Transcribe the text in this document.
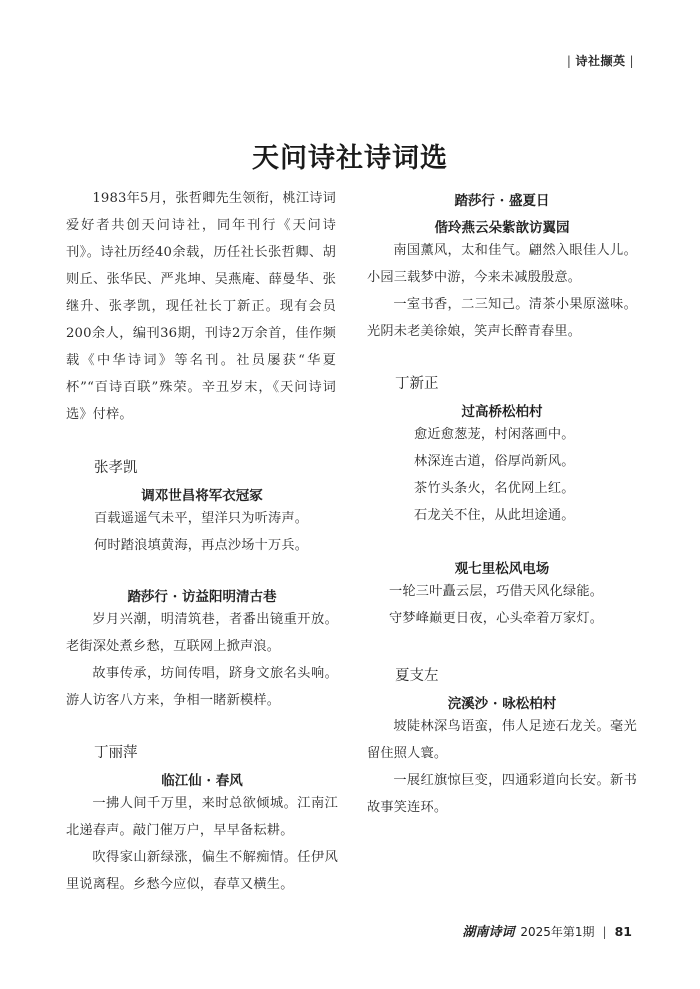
| 诗社撷英 |
天问诗社诗词选

1983年5月，张哲卿先生领衔，桃江诗词爱好者共创天问诗社，同年刊行《天问诗刊》。诗社历经40余载，历任社长张哲卿、胡则丘、张华民、严兆坤、吴燕庵、薛曼华、张继升、张孝凯，现任社长丁新正。现有会员200余人，编刊36期，刊诗2万余首，佳作频载《中华诗词》等名刊。社员屡获“华夏杯”“百诗百联”殊荣。辛丑岁末，《天问诗词选》付梓。

张孝凯

调邓世昌将军衣冠冢

百载遥遥气未平，望洋只为听涛声。

何时踏浪填黄海，再点沙场十万兵。

踏莎行 · 访益阳明清古巷

岁月兴潮，明清筑巷，者番出镜重开放。老街深处煮乡愁，互联网上掀声浪。

故事传承，坊间传唱，跻身文旅名头响。游人访客八方来，争相一睹新模样。

丁丽萍

临江仙 · 春风

一拂人间千万里，来时总欲倾城。江南江北递春声。敲门催万户，早早备耘耕。

吹得家山新绿涨，偏生不解痴情。任伊风里说离程。乡愁今应似，春草又横生。

踏莎行 · 盛夏日

偕玲燕云朵紫歆访翼园

南国薰风，太和佳气。翩然入眼佳人儿。小园三载梦中游，今来未减殷殷意。

一室书香，二三知己。清茶小果原滋味。光阴未老美徐娘，笑声长醉青春里。

丁新正

过高桥松柏村

愈近愈葱茏，村闲落画中。

林深连古道，俗厚尚新风。

茶竹头条火，名优网上红。

石龙关不住，从此坦途通。

观七里松风电场

一轮三叶矗云层，巧借天风化绿能。

守梦峰巅更日夜，心头牵着万家灯。

夏支左

浣溪沙 · 咏松柏村

坡陡林深鸟语蛮，伟人足迹石龙关。毫光留住照人寰。

一展红旗惊巨变，四通彩道向长安。新书故事笑连环。

湖南诗词 2025年第1期 | 81
